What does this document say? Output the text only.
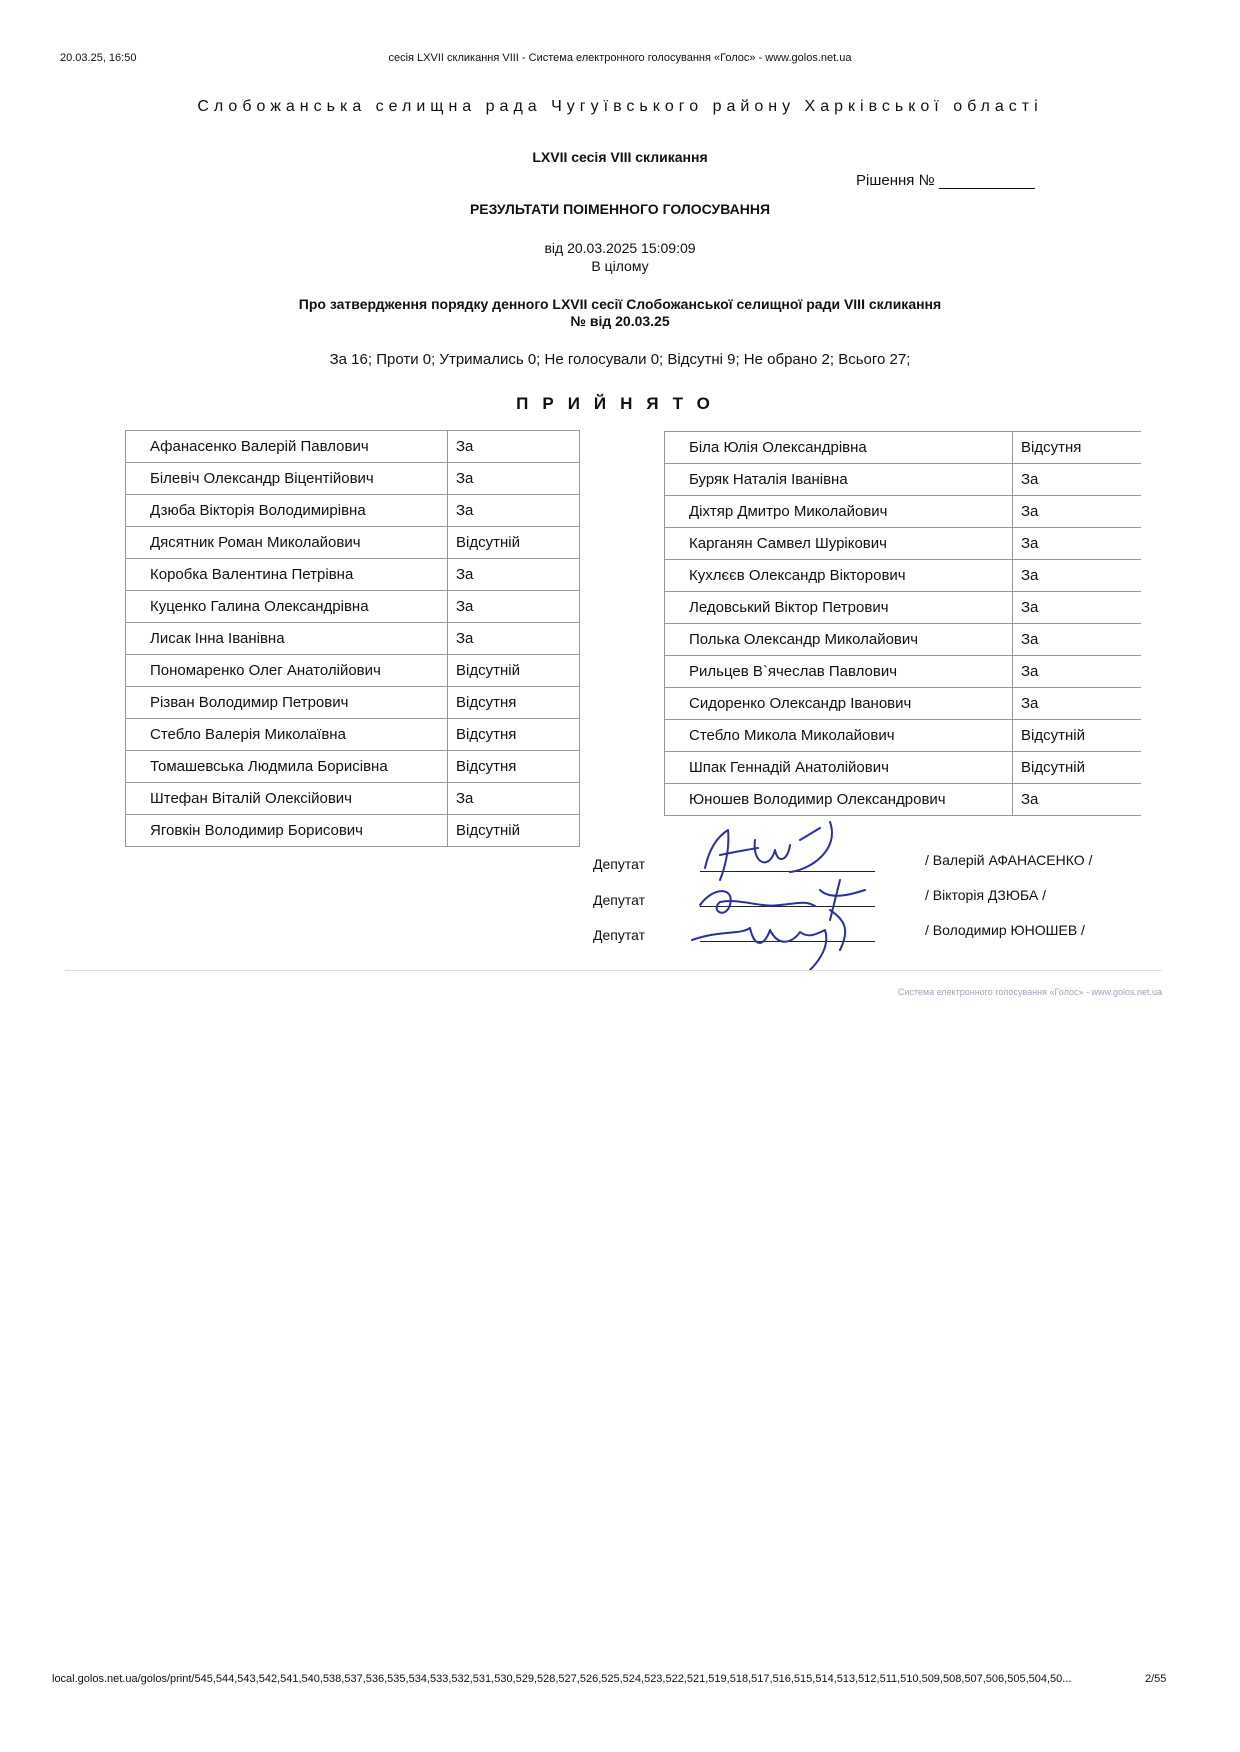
20.03.25, 16:50	сесія LXVII скликання VIII - Система електронного голосування «Голос» - www.golos.net.ua
Слобожанська селищна рада Чугуївського району Харківської області
LXVII сесія VIII скликання
Рішення №
РЕЗУЛЬТАТИ ПОІМЕННОГО ГОЛОСУВАННЯ
від 20.03.2025 15:09:09
В цілому
Про затвердження порядку денного LXVII сесії Слобожанської селищної ради VIII скликання
№ від 20.03.25
За 16; Проти 0; Утримались 0; Не голосували 0; Відсутні 9; Не обрано 2; Всього 27;
ПРИЙНЯТО
Афанасенко Валерій Павлович	За
Білевіч Олександр Віцентійович	За
Дзюба Вікторія Володимирівна	За
Дяcятник Роман Миколайович	Відсутній
Коробка Валентина Петрівна	За
Куценко Галина Олександрівна	За
Лисак Інна Іванівна	За
Пономаренко Олег Анатолійович	Відсутній
Різван Володимир Петрович	Відсутня
Стебло Валерія Миколаївна	Відсутня
Томашевська Людмила Борисівна	Відсутня
Штефан Віталій Олексійович	За
Яговкін Володимир Борисович	Відсутній
Біла Юлія Олександрівна	Відсутня
Буряк Наталія Іванівна	За
Діхтяр Дмитро Миколайович	За
Карганян Самвел Шурікович	За
Кухлєєв Олександр Вікторович	За
Ледовський Віктор Петрович	За
Полька Олександр Миколайович	За
Рильцев В`ячеслав Павлович	За
Сидоренко Олександр Іванович	За
Стебло Микола Миколайович	Відсутній
Шпак Геннадій Анатолійович	Відсутній
Юношев Володимир Олександрович	За
Депутат	/ Валерій АФАНАСЕНКО /
Депутат	/ Вікторія ДЗЮБА /
Депутат	/ Володимир ЮНОШЕВ /
Система електронного голосування «Голос» - www.golos.net.ua
local.golos.net.ua/golos/print/545,544,543,542,541,540,538,537,536,535,534,533,532,531,530,529,528,527,526,525,524,523,522,521,519,518,517,516,515,514,513,512,511,510,509,508,507,506,505,504,50...	2/55
